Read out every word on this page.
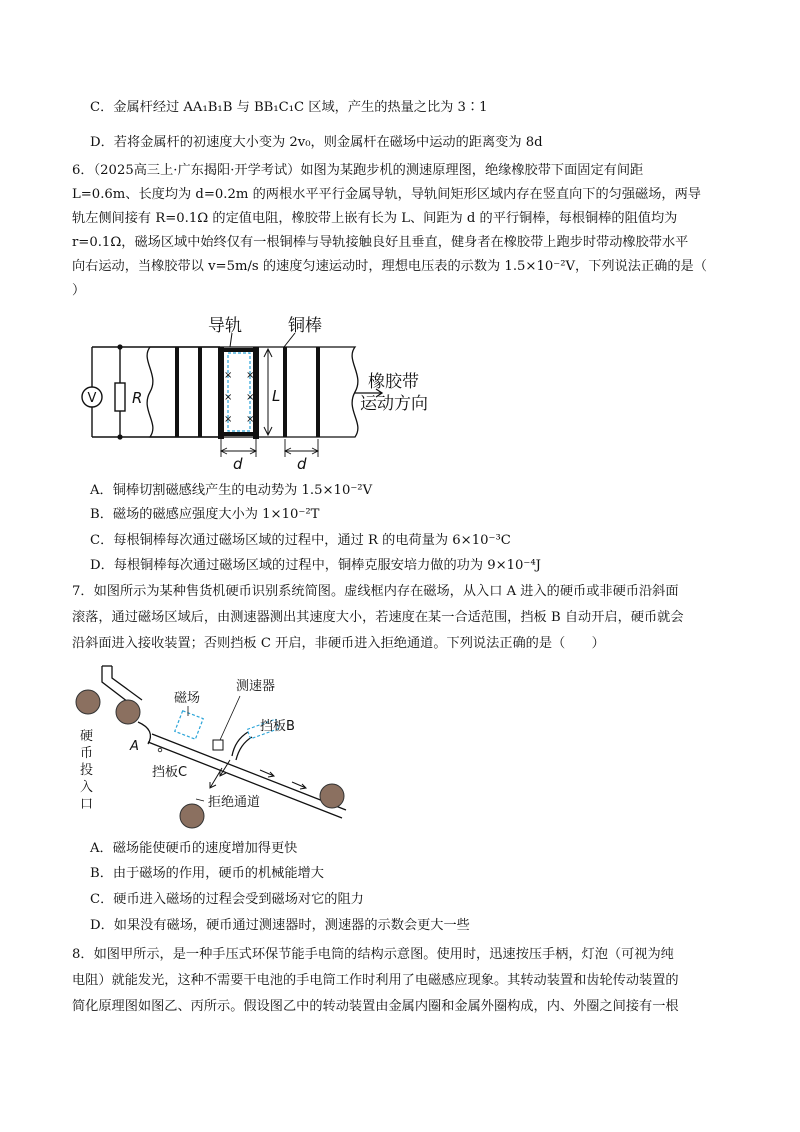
C．金属杆经过 AA₁B₁B 与 BB₁C₁C 区域，产生的热量之比为 3∶1
D．若将金属杆的初速度大小变为 2v₀，则金属杆在磁场中运动的距离变为 8d
6．（2025高三上·广东揭阳·开学考试）如图为某跑步机的测速原理图，绝缘橡胶带下面固定有间距
L=0.6m、长度均为 d=0.2m 的两根水平平行金属导轨，导轨间矩形区域内存在竖直向下的匀强磁场，两导
轨左侧间接有 R=0.1Ω 的定值电阻，橡胶带上嵌有长为 L、间距为 d 的平行铜棒，每根铜棒的阻值均为
r=0.1Ω，磁场区域中始终仅有一根铜棒与导轨接触良好且垂直，健身者在橡胶带上跑步时带动橡胶带水平
向右运动，当橡胶带以 v=5m/s 的速度匀速运动时，理想电压表的示数为 1.5×10⁻²V，下列说法正确的是（
）
V R
× ×
× ×
× ×
L
导轨	铜棒
橡胶带
运动方向
d	d
A．铜棒切割磁感线产生的电动势为 1.5×10⁻²V
B．磁场的磁感应强度大小为 1×10⁻²T
C．每根铜棒每次通过磁场区域的过程中，通过 R 的电荷量为 6×10⁻³C
D．每根铜棒每次通过磁场区域的过程中，铜棒克服安培力做的功为 9×10⁻⁴J
7．如图所示为某种售货机硬币识别系统简图。虚线框内存在磁场，从入口 A 进入的硬币或非硬币沿斜面
滚落，通过磁场区域后，由测速器测出其速度大小，若速度在某一合适范围，挡板 B 自动开启，硬币就会
沿斜面进入接收装置；否则挡板 C 开启，非硬币进入拒绝通道。下列说法正确的是（　　）
A
硬
币
投
入
口
磁场
测速器
挡板B
挡板C
拒绝通道
A．磁场能使硬币的速度增加得更快
B．由于磁场的作用，硬币的机械能增大
C．硬币进入磁场的过程会受到磁场对它的阻力
D．如果没有磁场，硬币通过测速器时，测速器的示数会更大一些
8．如图甲所示，是一种手压式环保节能手电筒的结构示意图。使用时，迅速按压手柄，灯泡（可视为纯
电阻）就能发光，这种不需要干电池的手电筒工作时利用了电磁感应现象。其转动装置和齿轮传动装置的
简化原理图如图乙、丙所示。假设图乙中的转动装置由金属内圈和金属外圈构成，内、外圈之间接有一根
